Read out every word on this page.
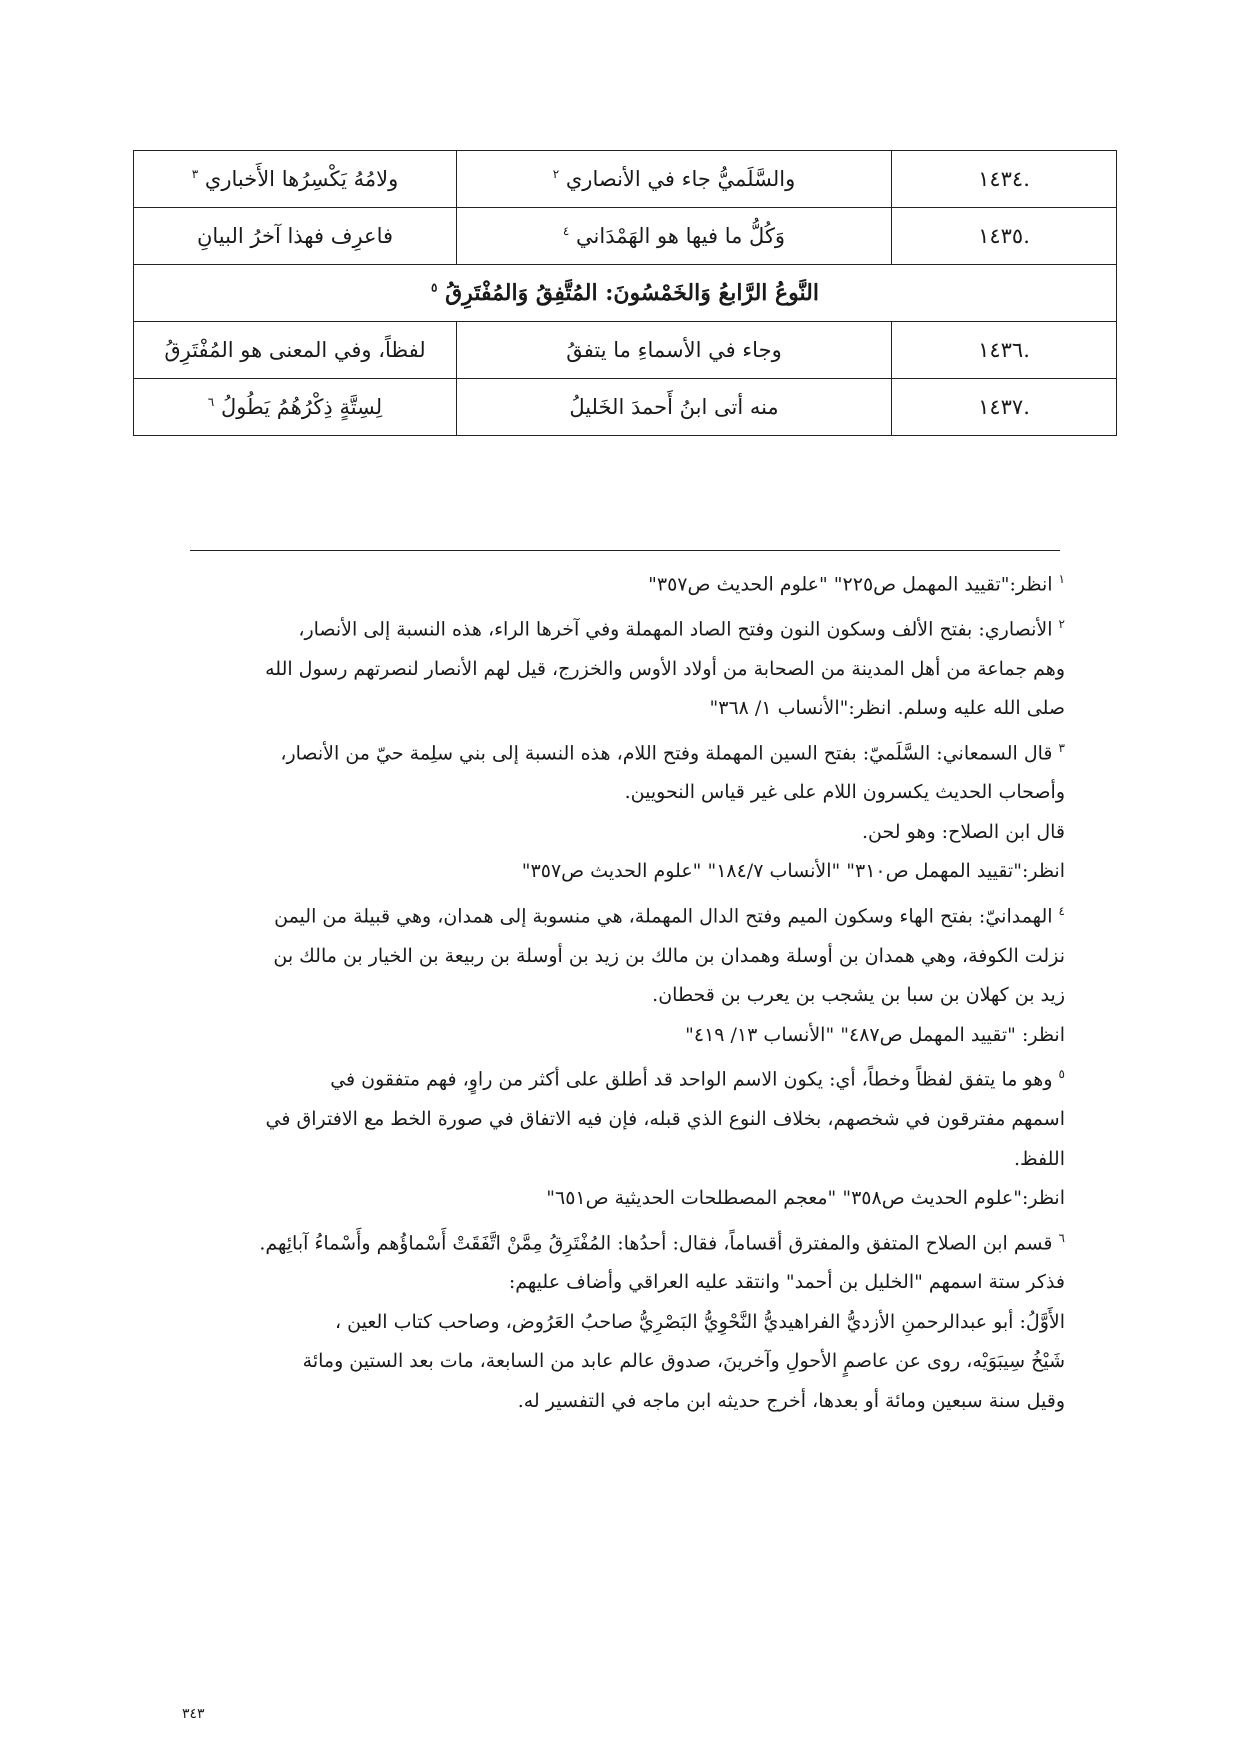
.١٤٣٤	والسَّلَميُّ جاء في الأنصاري $^٢$	ولامُهُ يَكْسِرُها الأَخباري $^٣$
.١٤٣٥	وَكُلُّ ما فيها هو الهَمْدَاني $^٤$	فاعرِف فهذا آخرُ البيانِ
النَّوعُ الرَّابعُ وَالخَمْسُونَ: المُتَّفِقُ وَالمُفْتَرِقُ $^٥$
.١٤٣٦	وجاء في الأسماءِ ما يتفقُ	لفظاً، وفي المعنى هو المُفْتَرِقُ
.١٤٣٧	منه أتى ابنُ أَحمدَ الخَليلُ	لِسِتَّةٍ ذِكْرُهُمُ يَطُولُ $^٦$
$^١$ انظر:"تقييد المهمل ص٢٢٥" "علوم الحديث ص٣٥٧"
$^٢$ الأنصاري: بفتح الألف وسكون النون وفتح الصاد المهملة وفي آخرها الراء، هذه النسبة إلى الأنصار،
وهم جماعة من أهل المدينة من الصحابة من أولاد الأوس والخزرج، قيل لهم الأنصار لنصرتهم رسول الله
صلى الله عليه وسلم. انظر:"الأنساب ١/ ٣٦٨"
$^٣$ قال السمعاني: السَّلَميّ: بفتح السين المهملة وفتح اللام، هذه النسبة إلى بني سلِمة حيّ من الأنصار،
وأصحاب الحديث يكسرون اللام على غير قياس النحويين.
قال ابن الصلاح: وهو لحن.
انظر:"تقييد المهمل ص٣١٠" "الأنساب ١٨٤/٧" "علوم الحديث ص٣٥٧"
$^٤$ الهمدانيّ: بفتح الهاء وسكون الميم وفتح الدال المهملة، هي منسوبة إلى همدان، وهي قبيلة من اليمن
نزلت الكوفة، وهي همدان بن أوسلة وهمدان بن مالك بن زيد بن أوسلة بن ربيعة بن الخيار بن مالك بن
زيد بن كهلان بن سبا بن يشجب بن يعرب بن قحطان.
انظر: "تقييد المهمل ص٤٨٧" "الأنساب ١٣/ ٤١٩"
$^٥$ وهو ما يتفق لفظاً وخطاً، أي: يكون الاسم الواحد قد أطلق على أكثر من راوٍ، فهم متفقون في
اسمهم مفترقون في شخصهم، بخلاف النوع الذي قبله، فإن فيه الاتفاق في صورة الخط مع الافتراق في
اللفظ.
انظر:"علوم الحديث ص٣٥٨" "معجم المصطلحات الحديثية ص٦٥١"
$^٦$ قسم ابن الصلاح المتفق والمفترق أقساماً، فقال: أحدُها: المُفْتَرِقُ مِمَّنْ اتَّفَقَتْ أَسْماؤُهم وأَسْماءُ آبائِهم.
فذكر ستة اسمهم "الخليل بن أحمد" وانتقد عليه العراقي وأضاف عليهم:
الأَوَّلُ: أبو عبدالرحمنِ الأزديُّ الفراهيديُّ النَّحْوِيُّ البَصْرِيُّ صاحبُ العَرُوض، وصاحب كتاب العين ،
شَيْخُ سِيبَوَيْه، روى عن عاصمٍ الأحولِ وآخرينَ، صدوق عالم عابد من السابعة، مات بعد الستين ومائة
وقيل سنة سبعين ومائة أو بعدها، أخرج حديثه ابن ماجه في التفسير له.
٣٤٣
